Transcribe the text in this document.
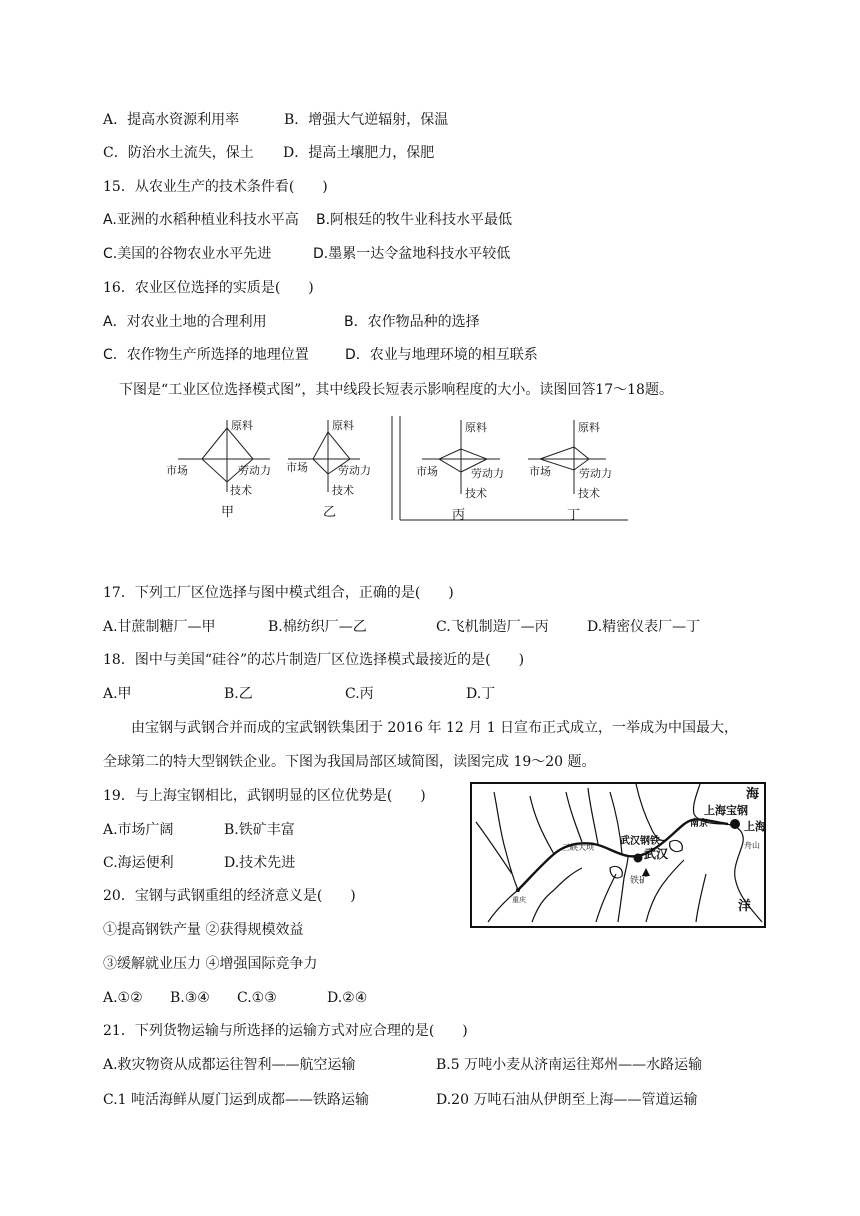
A．提高水资源利用率	B．增强大气逆辐射，保温
C．防治水土流失，保土 D．提高土壤肥力，保肥
15．从农业生产的技术条件看(　　)
A.亚洲的水稻种植业科技水平高 B.阿根廷的牧牛业科技水平最低
C.美国的谷物农业水平先进	D.墨累一达令盆地科技水平较低
16．农业区位选择的实质是(　　)
A．对农业土地的合理利用	B．农作物品种的选择
C．农作物生产所选择的地理位置	D．农业与地理环境的相互联系
下图是“工业区位选择模式图”，其中线段长短表示影响程度的大小。读图回答17～18题。
原料
市场	劳动力
技术
甲
原料
市场	劳动力
技术
乙
原料
市场	劳动力
技术
丙
原料
市场	劳动力
技术
丁
17．下列工厂区位选择与图中模式组合，正确的是(　　)
A.甘蔗制糖厂—甲	B.棉纺织厂—乙	C.飞机制造厂—丙	D.精密仪表厂—丁
18．图中与美国“硅谷”的芯片制造厂区位选择模式最接近的是(　　)
A.甲	B.乙	C.丙	D.丁
由宝钢与武钢合并而成的宝武钢铁集团于 2016 年 12 月 1 日宣布正式成立，一举成为中国最大，
全球第二的特大型钢铁企业。下图为我国局部区域简图，读图完成 19～20 题。
19．与上海宝钢相比，武钢明显的区位优势是(　　)
A.市场广阔	B.铁矿丰富
C.海运便利	D.技术先进
海
洋
上海宝钢
上海
南京
舟山
武汉钢铁
武汉
三峡大坝
铁矿
重庆
20．宝钢与武钢重组的经济意义是(　　)
①提高钢铁产量 ②获得规模效益
③缓解就业压力 ④增强国际竞争力
A.①② B.③④ C.①③	D.②④
21．下列货物运输与所选择的运输方式对应合理的是(　　)
A.救灾物资从成都运往智利——航空运输	B.5 万吨小麦从济南运往郑州——水路运输
C.1 吨活海鲜从厦门运到成都——铁路运输	D.20 万吨石油从伊朗至上海——管道运输
